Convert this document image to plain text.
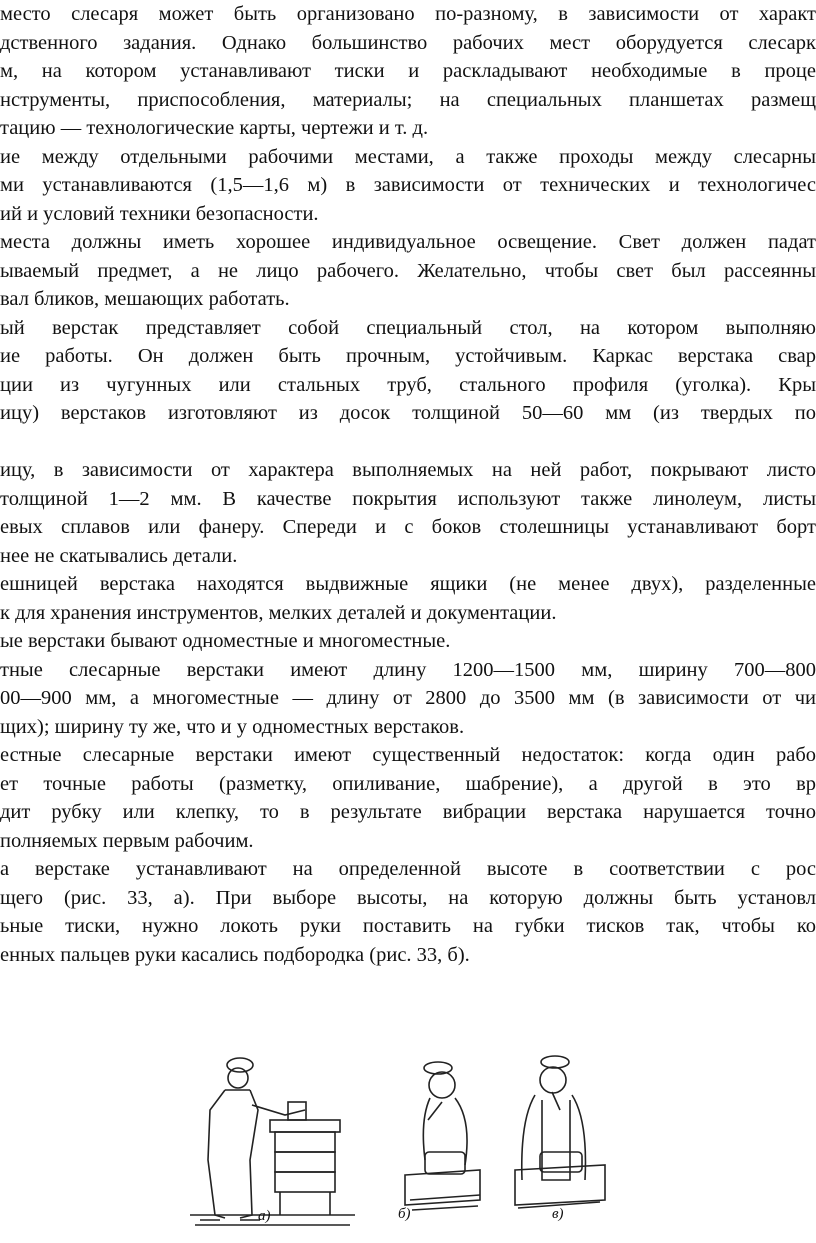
место слесаря может быть организовано по-разному, в зависимости от характ
дственного задания. Однако большинство рабочих мест оборудуется слесарк
м, на котором устанавливают тиски и раскладывают необходимые в проце
нструменты, приспособления, материалы; на специальных планшетах размещ
тацию — технологические карты, чертежи и т. д.
ие между отдельными рабочими местами, а также проходы между слесарны
ми устанавливаются (1,5—1,6 м) в зависимости от технических и технологичес
ий и условий техники безопасности.
места должны иметь хорошее индивидуальное освещение. Свет должен падат
ываемый предмет, а не лицо рабочего. Желательно, чтобы свет был рассеянны
вал бликов, мешающих работать.
ый верстак представляет собой специальный стол, на котором выполняю
ие работы. Он должен быть прочным, устойчивым. Каркас верстака свар
ции из чугунных или стальных труб, стального профиля (уголка). Кры
ицу) верстаков изготовляют из досок толщиной 50—60 мм (из твердых по
ицу, в зависимости от характера выполняемых на ней работ, покрывают листо
толщиной 1—2 мм. В качестве покрытия используют также линолеум, листы
евых сплавов или фанеру. Спереди и с боков столешницы устанавливают борт
нее не скатывались детали.
ешницей верстака находятся выдвижные ящики (не менее двух), разделенные
к для хранения инструментов, мелких деталей и документации.
ые верстаки бывают одноместные и многоместные.
тные слесарные верстаки имеют длину 1200—1500 мм, ширину 700—800
00—900 мм, а многоместные — длину от 2800 до 3500 мм (в зависимости от чи
щих); ширину ту же, что и у одноместных верстаков.
естные слесарные верстаки имеют существенный недостаток: когда один рабо
ет точные работы (разметку, опиливание, шабрение), а другой в это вр
дит рубку или клепку, то в результате вибрации верстака нарушается точно
полняемых первым рабочим.
а верстаке устанавливают на определенной высоте в соответствии с рос
щего (рис. 33, а). При выборе высоты, на которую должны быть установл
ьные тиски, нужно локоть руки поставить на губки тисков так, чтобы ко
енных пальцев руки касались подбородка (рис. 33, б).
а)	б)	в)
